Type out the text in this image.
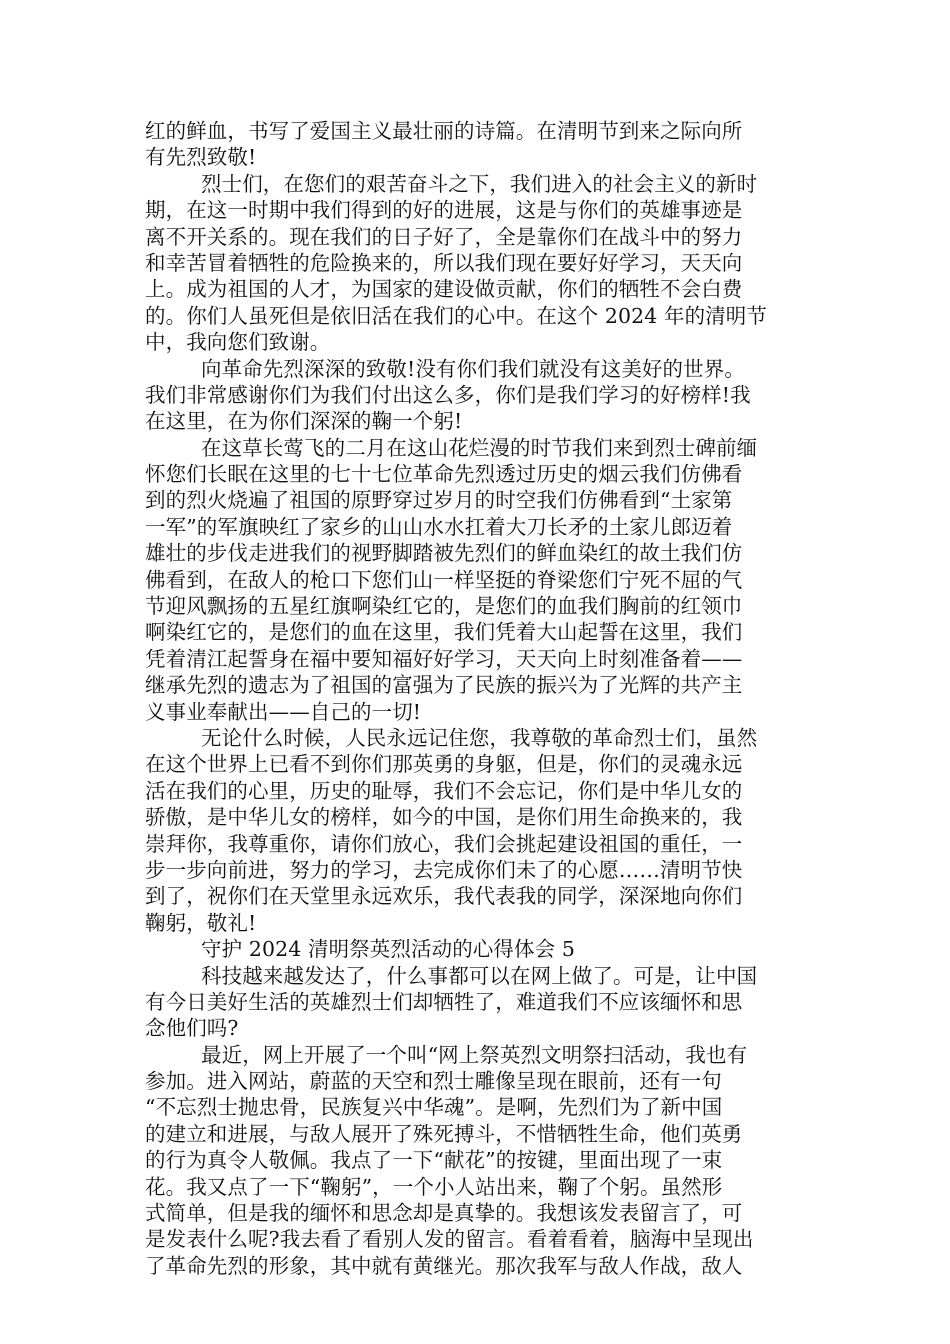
红的鲜血，书写了爱国主义最壮丽的诗篇。在清明节到来之际向所
有先烈致敬!
烈士们，在您们的艰苦奋斗之下，我们进入的社会主义的新时
期，在这一时期中我们得到的好的进展，这是与你们的英雄事迹是
离不开关系的。现在我们的日子好了，全是靠你们在战斗中的努力
和幸苦冒着牺牲的危险换来的，所以我们现在要好好学习，天天向
上。成为祖国的人才，为国家的建设做贡献，你们的牺牲不会白费
的。你们人虽死但是依旧活在我们的心中。在这个 2024 年的清明节
中，我向您们致谢。
向革命先烈深深的致敬!没有你们我们就没有这美好的世界。
我们非常感谢你们为我们付出这么多，你们是我们学习的好榜样!我
在这里，在为你们深深的鞠一个躬!
在这草长莺飞的二月在这山花烂漫的时节我们来到烈士碑前缅
怀您们长眠在这里的七十七位革命先烈透过历史的烟云我们仿佛看
到的烈火烧遍了祖国的原野穿过岁月的时空我们仿佛看到“土家第
一军”的军旗映红了家乡的山山水水扛着大刀长矛的土家儿郎迈着
雄壮的步伐走进我们的视野脚踏被先烈们的鲜血染红的故土我们仿
佛看到，在敌人的枪口下您们山一样坚挺的脊梁您们宁死不屈的气
节迎风飘扬的五星红旗啊染红它的，是您们的血我们胸前的红领巾
啊染红它的，是您们的血在这里，我们凭着大山起誓在这里，我们
凭着清江起誓身在福中要知福好好学习，天天向上时刻准备着——
继承先烈的遗志为了祖国的富强为了民族的振兴为了光辉的共产主
义事业奉献出——自己的一切!
无论什么时候，人民永远记住您，我尊敬的革命烈士们，虽然
在这个世界上已看不到你们那英勇的身躯，但是，你们的灵魂永远
活在我们的心里，历史的耻辱，我们不会忘记，你们是中华儿女的
骄傲，是中华儿女的榜样，如今的中国，是你们用生命换来的，我
崇拜你，我尊重你，请你们放心，我们会挑起建设祖国的重任，一
步一步向前进，努力的学习，去完成你们未了的心愿……清明节快
到了，祝你们在天堂里永远欢乐，我代表我的同学，深深地向你们
鞠躬，敬礼!
守护 2024 清明祭英烈活动的心得体会 5
科技越来越发达了，什么事都可以在网上做了。可是，让中国
有今日美好生活的英雄烈士们却牺牲了，难道我们不应该缅怀和思
念他们吗?
最近，网上开展了一个叫“网上祭英烈文明祭扫活动，我也有
参加。进入网站，蔚蓝的天空和烈士雕像呈现在眼前，还有一句
“不忘烈士抛忠骨，民族复兴中华魂”。是啊，先烈们为了新中国
的建立和进展，与敌人展开了殊死搏斗，不惜牺牲生命，他们英勇
的行为真令人敬佩。我点了一下“献花”的按键，里面出现了一束
花。我又点了一下“鞠躬”，一个小人站出来，鞠了个躬。虽然形
式简单，但是我的缅怀和思念却是真挚的。我想该发表留言了，可
是发表什么呢?我去看了看别人发的留言。看着看着，脑海中呈现出
了革命先烈的形象，其中就有黄继光。那次我军与敌人作战，敌人
